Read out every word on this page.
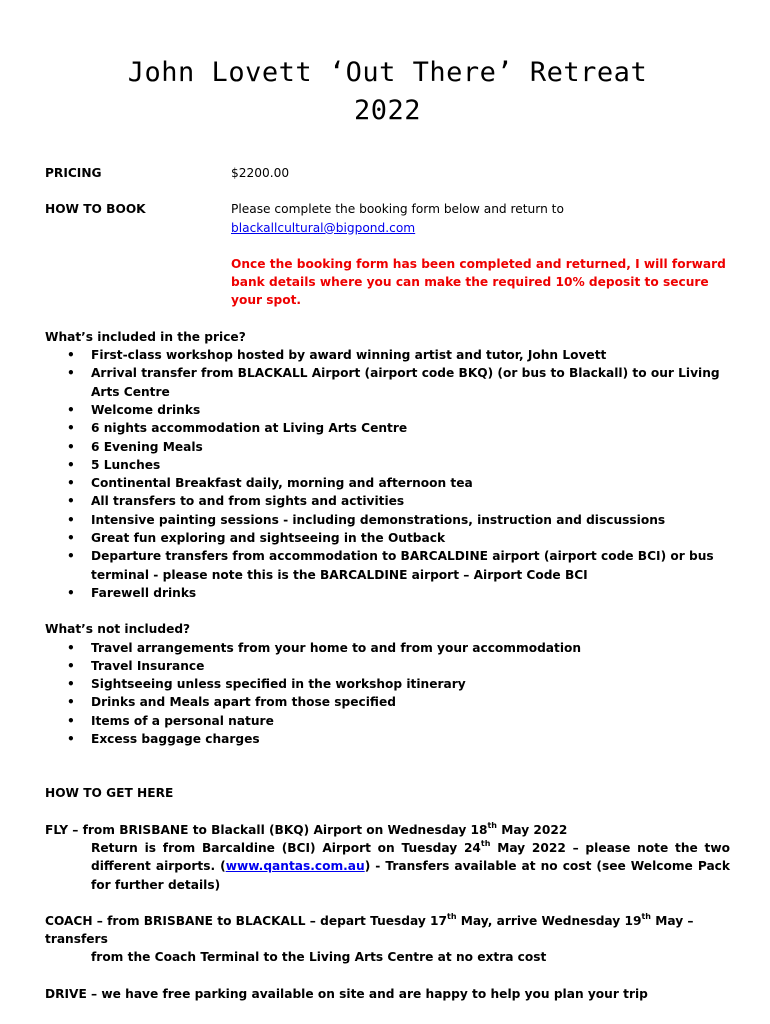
John Lovett ‘Out There’ Retreat
2022
PRICING	$2200.00
HOW TO BOOK	Please complete the booking form below and return to
blackallcultural@bigpond.com
Once the booking form has been completed and returned, I will forward bank details where you can make the required 10% deposit to secure your spot.
What’s included in the price?
• First-class workshop hosted by award winning artist and tutor, John Lovett
• Arrival transfer from BLACKALL Airport (airport code BKQ) (or bus to Blackall) to our Living Arts Centre
• Welcome drinks
• 6 nights accommodation at Living Arts Centre
• 6 Evening Meals
• 5 Lunches
• Continental Breakfast daily, morning and afternoon tea
• All transfers to and from sights and activities
• Intensive painting sessions - including demonstrations, instruction and discussions
• Great fun exploring and sightseeing in the Outback
• Departure transfers from accommodation to BARCALDINE airport (airport code BCI) or bus terminal - please note this is the BARCALDINE airport – Airport Code BCI
• Farewell drinks
What’s not included?
• Travel arrangements from your home to and from your accommodation
• Travel Insurance
• Sightseeing unless specified in the workshop itinerary
• Drinks and Meals apart from those specified
• Items of a personal nature
• Excess baggage charges
HOW TO GET HERE
FLY – from BRISBANE to Blackall (BKQ) Airport on Wednesday 18th May 2022
Return is from Barcaldine (BCI) Airport on Tuesday 24th May 2022 – please note the two different airports. (www.qantas.com.au) - Transfers available at no cost (see Welcome Pack for further details)
COACH – from BRISBANE to BLACKALL – depart Tuesday 17th May, arrive Wednesday 19th May – transfers
from the Coach Terminal to the Living Arts Centre at no extra cost
DRIVE – we have free parking available on site and are happy to help you plan your trip
